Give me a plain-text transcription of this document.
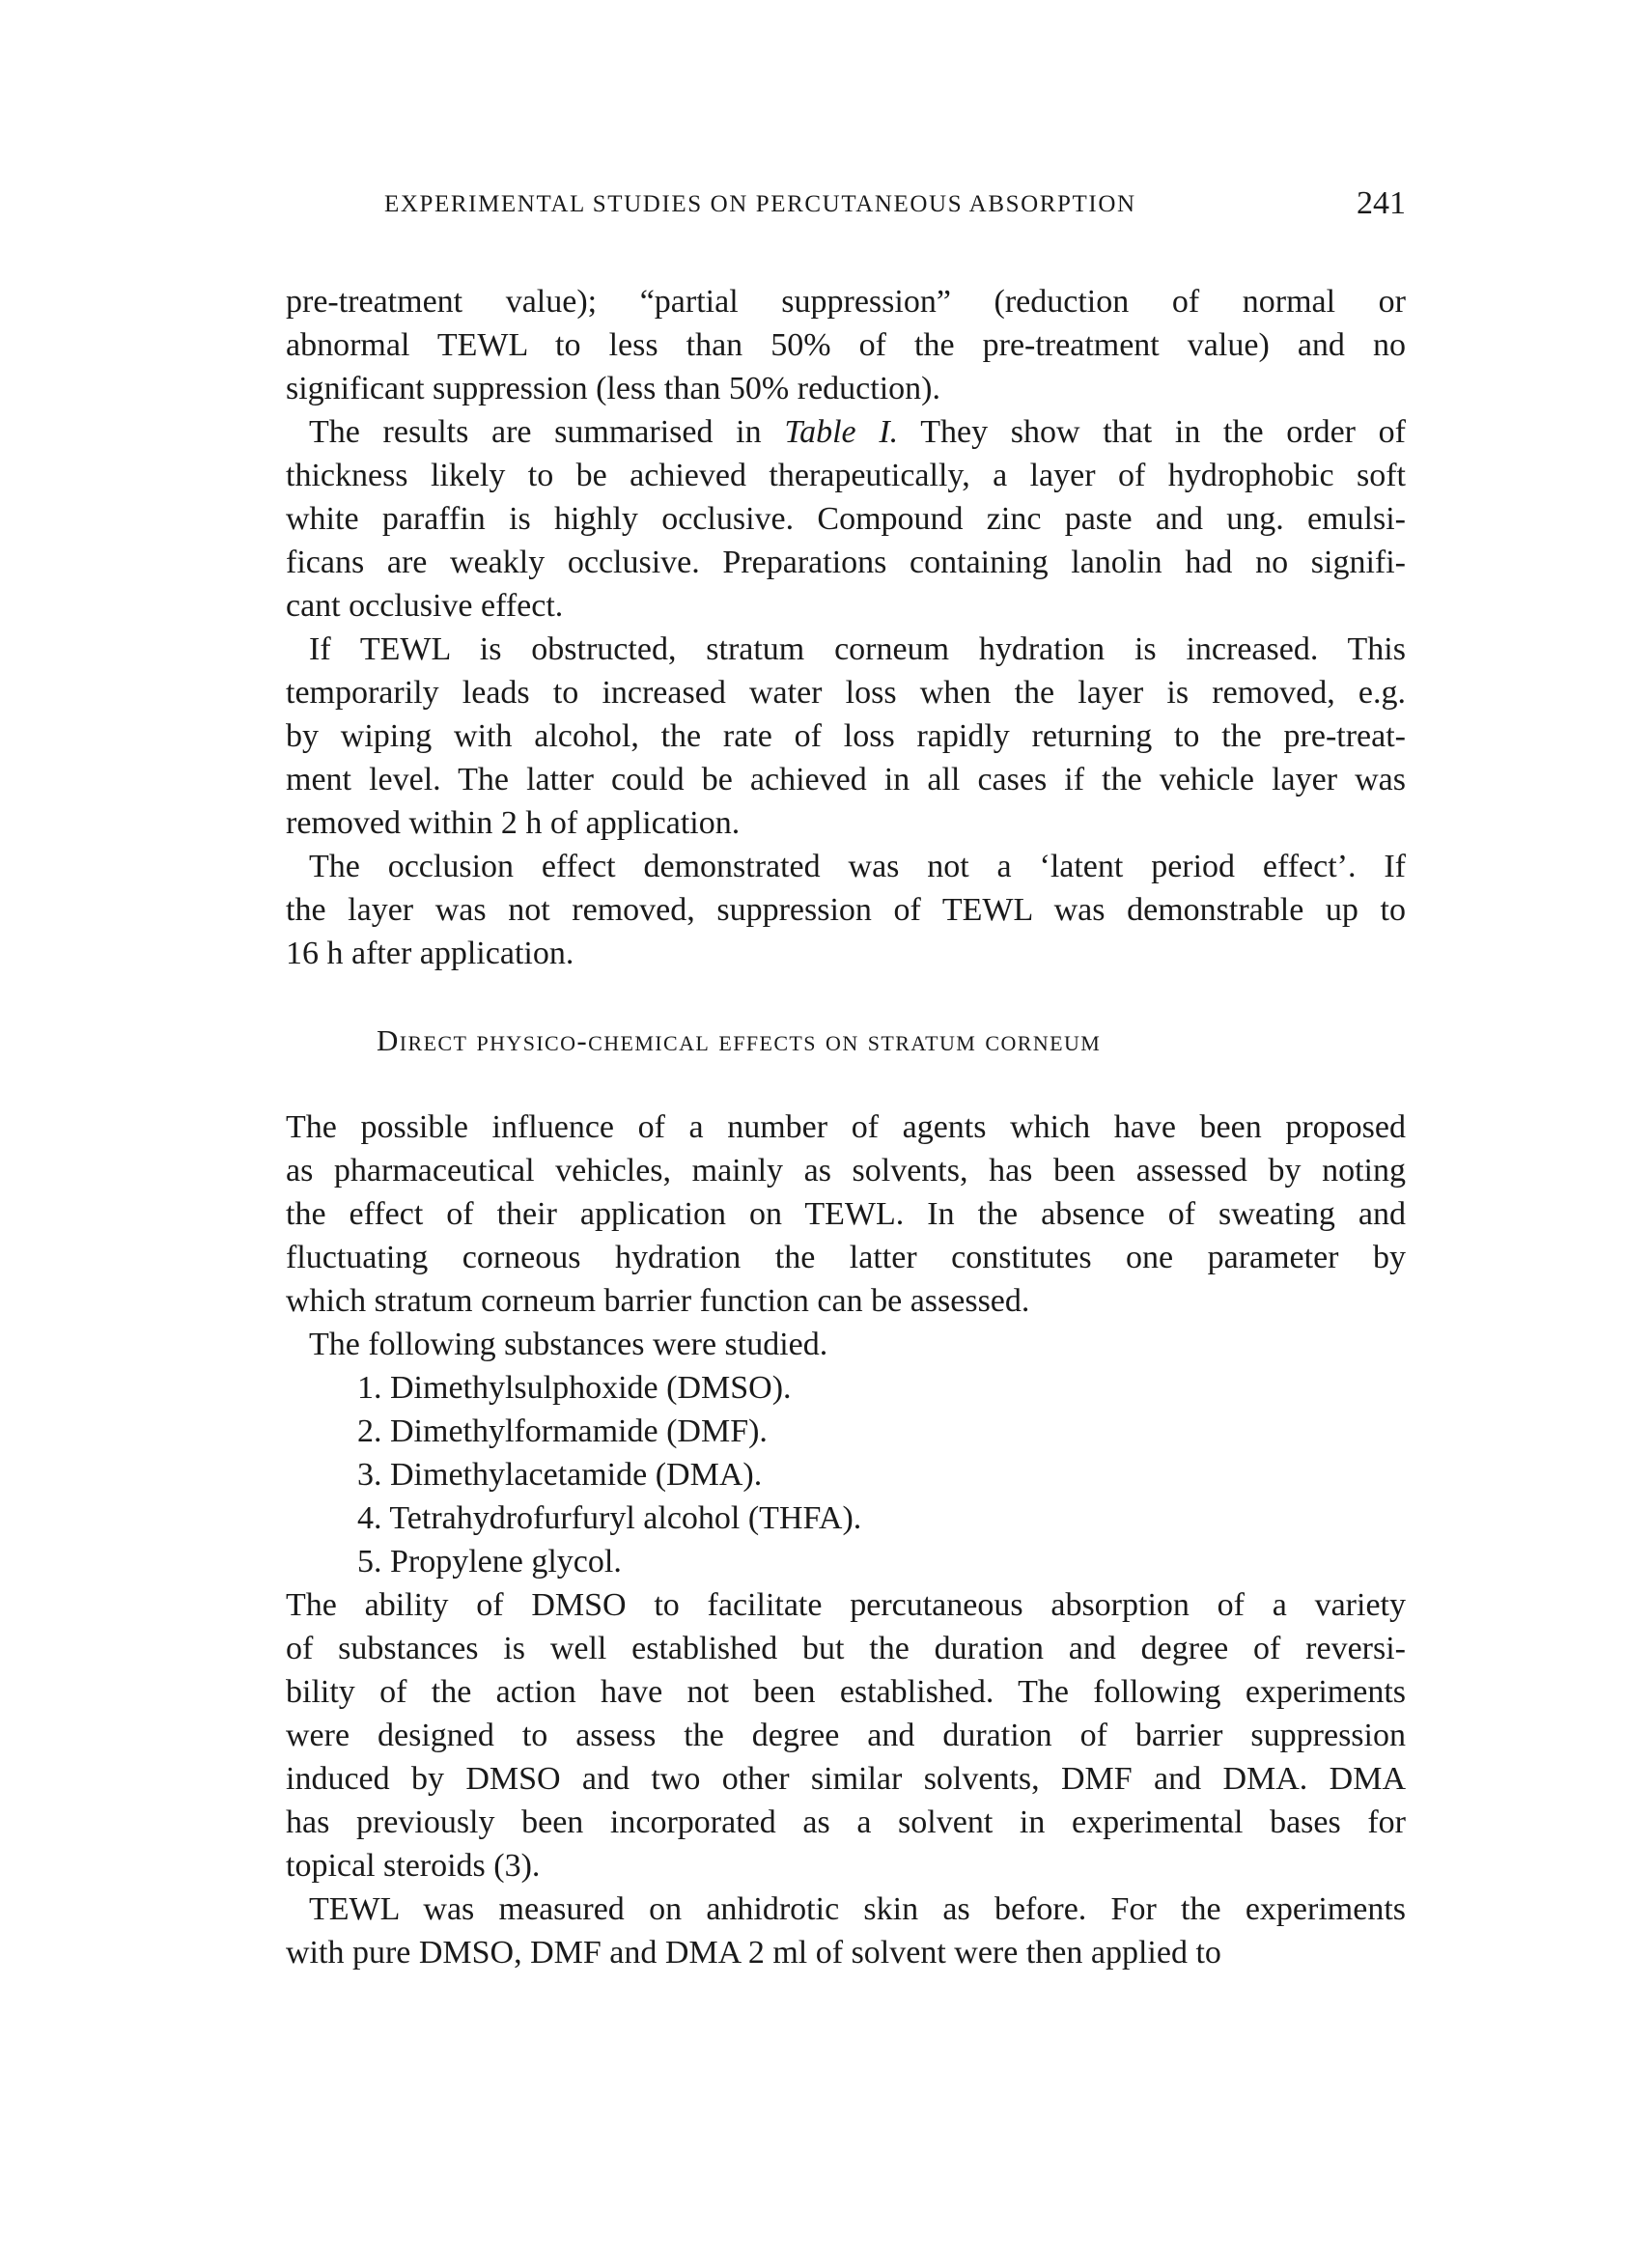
EXPERIMENTAL STUDIES ON PERCUTANEOUS ABSORPTION	241
pre-treatment value); “partial suppression” (reduction of normal or
abnormal TEWL to less than 50% of the pre-treatment value) and no
significant suppression (less than 50% reduction).
The results are summarised in Table I. They show that in the order of
thickness likely to be achieved therapeutically, a layer of hydrophobic soft
white paraffin is highly occlusive. Compound zinc paste and ung. emulsi-
ficans are weakly occlusive. Preparations containing lanolin had no signifi-
cant occlusive effect.
If TEWL is obstructed, stratum corneum hydration is increased. This
temporarily leads to increased water loss when the layer is removed, e.g.
by wiping with alcohol, the rate of loss rapidly returning to the pre-treat-
ment level. The latter could be achieved in all cases if the vehicle layer was
removed within 2 h of application.
The occlusion effect demonstrated was not a ‘latent period effect’. If
the layer was not removed, suppression of TEWL was demonstrable up to
16 h after application.
Direct physico-chemical effects on stratum corneum
The possible influence of a number of agents which have been proposed
as pharmaceutical vehicles, mainly as solvents, has been assessed by noting
the effect of their application on TEWL. In the absence of sweating and
fluctuating corneous hydration the latter constitutes one parameter by
which stratum corneum barrier function can be assessed.
The following substances were studied.
1. Dimethylsulphoxide (DMSO).
2. Dimethylformamide (DMF).
3. Dimethylacetamide (DMA).
4. Tetrahydrofurfuryl alcohol (THFA).
5. Propylene glycol.
The ability of DMSO to facilitate percutaneous absorption of a variety
of substances is well established but the duration and degree of reversi-
bility of the action have not been established. The following experiments
were designed to assess the degree and duration of barrier suppression
induced by DMSO and two other similar solvents, DMF and DMA. DMA
has previously been incorporated as a solvent in experimental bases for
topical steroids (3).
TEWL was measured on anhidrotic skin as before. For the experiments
with pure DMSO, DMF and DMA 2 ml of solvent were then applied to
